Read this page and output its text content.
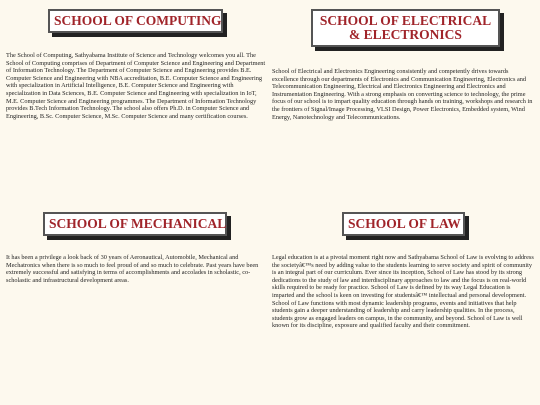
SCHOOL OF COMPUTING
The School of Computing, Sathyabama Institute of Science and Technology welcomes you all. The School of Computing comprises of Department of Computer Science and Engineering and Department of Information Technology. The Department of Computer Science and Engineering provides B.E. Computer Science and Engineering with NBA accreditation, B.E. Computer Science and Engineering with specialization in Artificial Intelligence, B.E. Computer Science and Engineering with specialization in Data Sciences, B.E. Computer Science and Engineering with specialization in IoT, M.E. Computer Science and Engineering programmes. The Department of Information Technology provides B.Tech Information Technology. The school also offers Ph.D. in Computer Science and Engineering, B.Sc. Computer Science, M.Sc. Computer Science and many certification courses.
SCHOOL OF ELECTRICAL & ELECTRONICS
School of Electrical and Electronics Engineering consistently and competently drives towards excellence through our departments of Electronics and Communication Engineering, Electronics and Telecommunication Engineering, Electrical and Electronics Engineering and Electronics and Instrumentation Engineering. With a strong emphasis on converting science to technology, the prime focus of our school is to impart quality education through hands on training, workshops and research in the frontiers of Signal/Image Processing, VLSI Design, Power Electronics, Embedded system, Wind Energy, Nanotechnology and Telecommunications.
SCHOOL OF MECHANICAL
It has been a privilege a look back of 30 years of Aeronautical, Automobile, Mechanical and Mechatronics when there is so much to feel proud of and so much to celebrate. Past years have been extremely successful and satisfying in terms of accomplishments and accolades in scholastic, co-scholastic and infrastructural development areas.
SCHOOL OF LAW
Legal education is at a pivotal moment right now and Sathyabama School of Law is evolving to address the societyâ€™s need by adding value to the students learning to serve society and spirit of community is an integral part of our curriculum. Ever since its inception, School of Law has stood by its strong dedications to the study of law and interdisciplinary approaches to law and the focus is on real-world skills required to be ready for practice. School of Law is defined by its way Legal Education is imparted and the school is keen on investing for studentsâ€™ intellectual and personal development. School of Law functions with most dynamic leadership programs, events and initiatives that help students gain a deeper understanding of leadership and carry leadership qualities. In the process, students grow as engaged leaders on campus, in the community, and beyond. School of Law is well known for its discipline, exposure and qualified faculty and their commitment.
